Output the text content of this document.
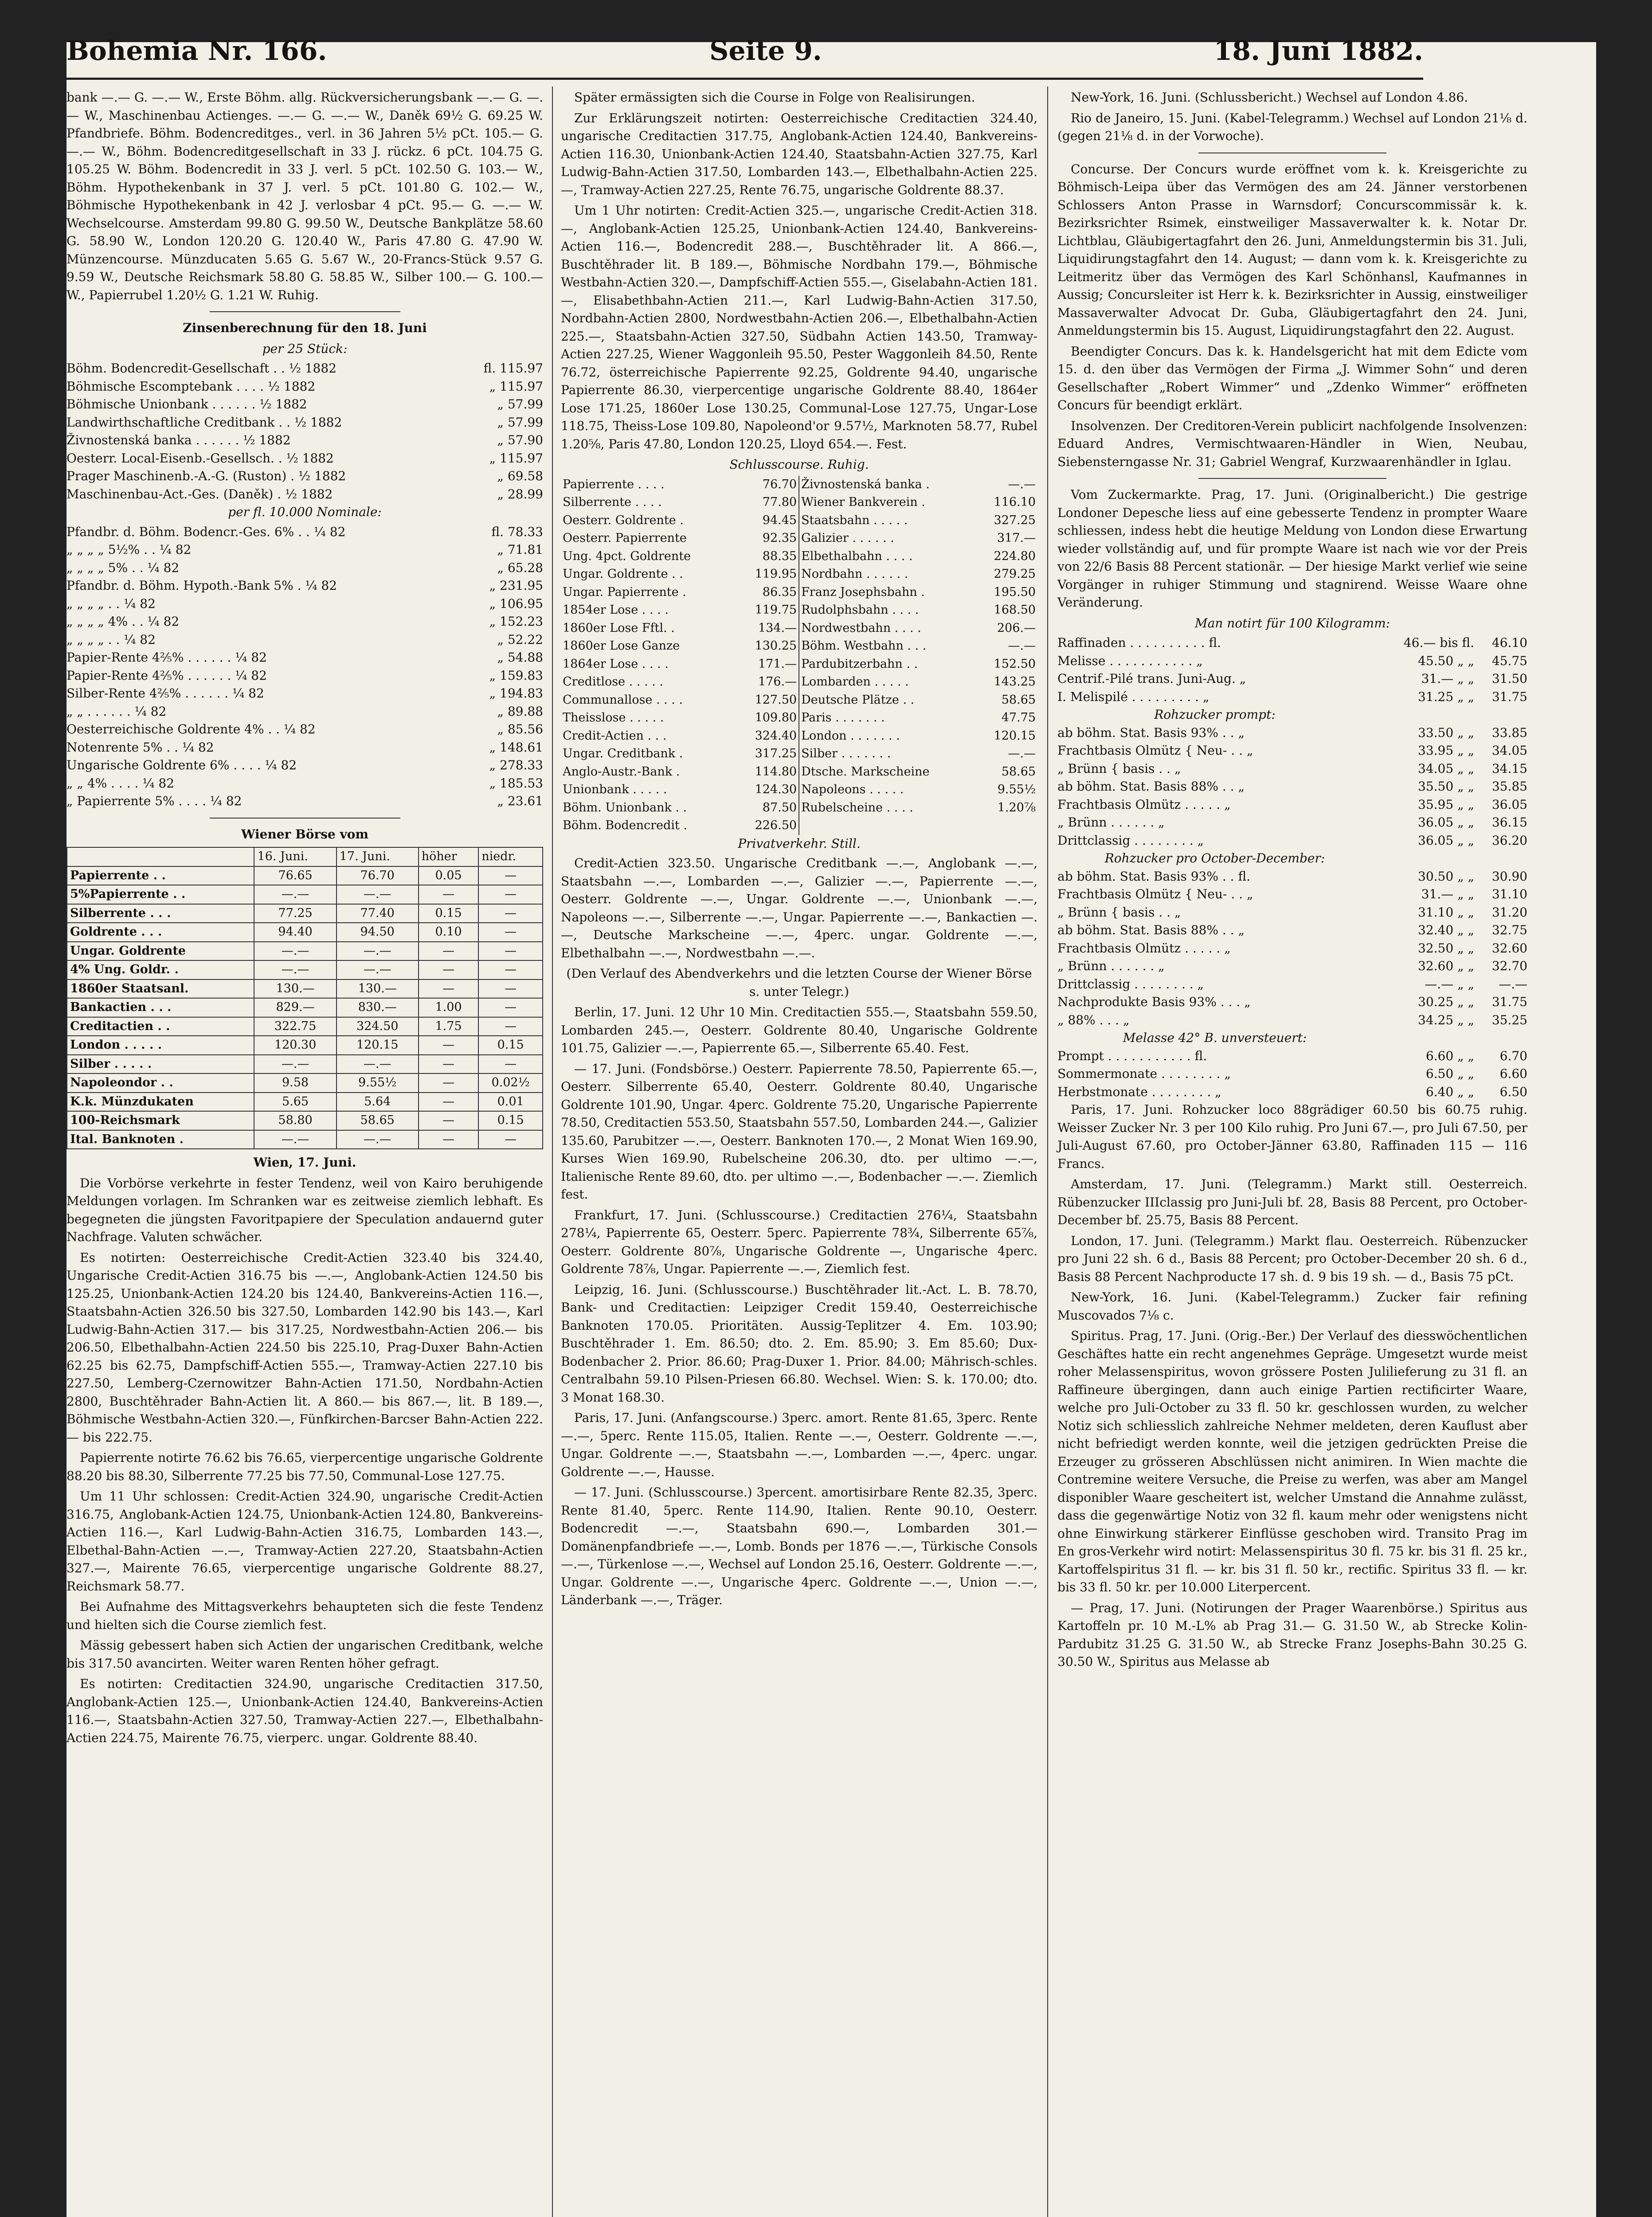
Bohemia Nr. 166.	Seite 9.	18. Juni 1882.

bank —.— G. —.— W., Erste Böhm. allg. Rückversicherungsbank —.— G. —.— W., Maschinenbau Actienges. —.— G. —.— W., Daněk 69½ G. 69.25 W. Pfandbriefe. Böhm. Bodencreditges., verl. in 36 Jahren 5½ pCt. 105.— G. —.— W., Böhm. Bodencreditgesellschaft in 33 J. rückz. 6 pCt. 104.75 G. 105.25 W. Böhm. Bodencredit in 33 J. verl. 5 pCt. 102.50 G. 103.— W., Böhm. Hypothekenbank in 37 J. verl. 5 pCt. 101.80 G. 102.— W., Böhmische Hypothekenbank in 42 J. verlosbar 4 pCt. 95.— G. —.— W. Wechselcourse. Amsterdam 99.80 G. 99.50 W., Deutsche Bankplätze 58.60 G. 58.90 W., London 120.20 G. 120.40 W., Paris 47.80 G. 47.90 W. Münzencourse. Münzducaten 5.65 G. 5.67 W., 20-Francs-Stück 9.57 G. 9.59 W., Deutsche Reichsmark 58.80 G. 58.85 W., Silber 100.— G. 100.— W., Papierrubel 1.20½ G. 1.21 W. Ruhig.

Zinsenberechnung für den 18. Juni
per 25 Stück:
Böhm. Bodencredit-Gesellschaft . . ½ 1882	fl. 115.97
Böhmische Escomptebank . . . . ½ 1882	„ 115.97
Böhmische Unionbank . . . . . . ½ 1882	„ 57.99
Landwirthschaftliche Creditbank . . ½ 1882	„ 57.99
Živnostenská banka . . . . . . ½ 1882	„ 57.90
Oesterr. Local-Eisenb.-Gesellsch. . ½ 1882	„ 115.97
Prager Maschinenb.-A.-G. (Ruston) . ½ 1882	„ 69.58
Maschinenbau-Act.-Ges. (Daněk) . ½ 1882	„ 28.99
per fl. 10.000 Nominale:
Pfandbr. d. Böhm. Bodencr.-Ges. 6% . . ¼ 82	fl. 78.33
„ „ „ „ 5½% . . ¼ 82	„ 71.81
„ „ „ „ 5% . . ¼ 82	„ 65.28
Pfandbr. d. Böhm. Hypoth.-Bank 5% . ¼ 82	„ 231.95
„ „ „ „ . . ¼ 82	„ 106.95
„ „ „ „ 4% . . ¼ 82	„ 152.23
„ „ „ „ . . ¼ 82	„ 52.22
Papier-Rente 4⅖% . . . . . . ¼ 82	„ 54.88
Papier-Rente 4⅖% . . . . . . ¼ 82	„ 159.83
Silber-Rente 4⅖% . . . . . . ¼ 82	„ 194.83
„ „ . . . . . . ¼ 82	„ 89.88
Oesterreichische Goldrente 4% . . ¼ 82	„ 85.56
Notenrente 5% . . ¼ 82	„ 148.61
Ungarische Goldrente 6% . . . . ¼ 82	„ 278.33
„ „ 4% . . . . ¼ 82	„ 185.53
„ Papierrente 5% . . . . ¼ 82	„ 23.61
Wiener Börse vom
	16. Juni.	17. Juni.	höher	niedr.
Papierrente . .	76.65	76.70	0.05	—
5%Papierrente . .	—.—	—.—	—	—
Silberrente . . .	77.25	77.40	0.15	—
Goldrente . . .	94.40	94.50	0.10	—
Ungar. Goldrente	—.—	—.—	—	—
4% Ung. Goldr. .	—.—	—.—	—	—
1860er Staatsanl.	130.—	130.—	—	—
Bankactien . . .	829.—	830.—	1.00	—
Creditactien . .	322.75	324.50	1.75	—
London . . . . .	120.30	120.15	—	0.15
Silber . . . . .	—.—	—.—	—	—
Napoleondor . .	9.58	9.55½	—	0.02½
K.k. Münzdukaten	5.65	5.64	—	0.01
100-Reichsmark	58.80	58.65	—	0.15
Ital. Banknoten .	—.—	—.—	—	—
Wien, 17. Juni.

Die Vorbörse verkehrte in fester Tendenz, weil von Kairo beruhigende Meldungen vorlagen. Im Schranken war es zeitweise ziemlich lebhaft. Es begegneten die jüngsten Favoritpapiere der Speculation andauernd guter Nachfrage. Valuten schwächer.

Es notirten: Oesterreichische Credit-Actien 323.40 bis 324.40, Ungarische Credit-Actien 316.75 bis —.—, Anglobank-Actien 124.50 bis 125.25, Unionbank-Actien 124.20 bis 124.40, Bankvereins-Actien 116.—, Staatsbahn-Actien 326.50 bis 327.50, Lombarden 142.90 bis 143.—, Karl Ludwig-Bahn-Actien 317.— bis 317.25, Nordwestbahn-Actien 206.— bis 206.50, Elbethalbahn-Actien 224.50 bis 225.10, Prag-Duxer Bahn-Actien 62.25 bis 62.75, Dampfschiff-Actien 555.—, Tramway-Actien 227.10 bis 227.50, Lemberg-Czernowitzer Bahn-Actien 171.50, Nordbahn-Actien 2800, Buschtěhrader Bahn-Actien lit. A 860.— bis 867.—, lit. B 189.—, Böhmische Westbahn-Actien 320.—, Fünfkirchen-Barcser Bahn-Actien 222.— bis 222.75.

Papierrente notirte 76.62 bis 76.65, vierpercentige ungarische Goldrente 88.20 bis 88.30, Silberrente 77.25 bis 77.50, Communal-Lose 127.75.

Um 11 Uhr schlossen: Credit-Actien 324.90, ungarische Credit-Actien 316.75, Anglobank-Actien 124.75, Unionbank-Actien 124.80, Bankvereins-Actien 116.—, Karl Ludwig-Bahn-Actien 316.75, Lombarden 143.—, Elbethal-Bahn-Actien —.—, Tramway-Actien 227.20, Staatsbahn-Actien 327.—, Mairente 76.65, vierpercentige ungarische Goldrente 88.27, Reichsmark 58.77.

Bei Aufnahme des Mittagsverkehrs behaupteten sich die feste Tendenz und hielten sich die Course ziemlich fest.

Mässig gebessert haben sich Actien der ungarischen Creditbank, welche bis 317.50 avancirten. Weiter waren Renten höher gefragt.

Es notirten: Creditactien 324.90, ungarische Creditactien 317.50, Anglobank-Actien 125.—, Unionbank-Actien 124.40, Bankvereins-Actien 116.—, Staatsbahn-Actien 327.50, Tramway-Actien 227.—, Elbethalbahn-Actien 224.75, Mairente 76.75, vierperc. ungar. Goldrente 88.40.

Später ermässigten sich die Course in Folge von Realisirungen.

Zur Erklärungszeit notirten: Oesterreichische Creditactien 324.40, ungarische Creditactien 317.75, Anglobank-Actien 124.40, Bankvereins-Actien 116.30, Unionbank-Actien 124.40, Staatsbahn-Actien 327.75, Karl Ludwig-Bahn-Actien 317.50, Lombarden 143.—, Elbethalbahn-Actien 225.—, Tramway-Actien 227.25, Rente 76.75, ungarische Goldrente 88.37.

Um 1 Uhr notirten: Credit-Actien 325.—, ungarische Credit-Actien 318.—, Anglobank-Actien 125.25, Unionbank-Actien 124.40, Bankvereins-Actien 116.—, Bodencredit 288.—, Buschtěhrader lit. A 866.—, Buschtěhrader lit. B 189.—, Böhmische Nordbahn 179.—, Böhmische Westbahn-Actien 320.—, Dampfschiff-Actien 555.—, Giselabahn-Actien 181.—, Elisabethbahn-Actien 211.—, Karl Ludwig-Bahn-Actien 317.50, Nordbahn-Actien 2800, Nordwestbahn-Actien 206.—, Elbethalbahn-Actien 225.—, Staatsbahn-Actien 327.50, Südbahn Actien 143.50, Tramway-Actien 227.25, Wiener Waggonleih 95.50, Pester Waggonleih 84.50, Rente 76.72, österreichische Papierrente 92.25, Goldrente 94.40, ungarische Papierrente 86.30, vierpercentige ungarische Goldrente 88.40, 1864er Lose 171.25, 1860er Lose 130.25, Communal-Lose 127.75, Ungar-Lose 118.75, Theiss-Lose 109.80, Napoleond'or 9.57½, Marknoten 58.77, Rubel 1.20⅝, Paris 47.80, London 120.25, Lloyd 654.—. Fest.

Schlusscourse. Ruhig.
Papierrente . . . .	76.70	Živnostenská banka .	—.—
Silberrente . . . .	77.80	Wiener Bankverein .	116.10
Oesterr. Goldrente .	94.45	Staatsbahn . . . . .	327.25
Oesterr. Papierrente	92.35	Galizier . . . . . .	317.—
Ung. 4pct. Goldrente	88.35	Elbethalbahn . . . .	224.80
Ungar. Goldrente . .	119.95	Nordbahn . . . . . .	279.25
Ungar. Papierrente .	86.35	Franz Josephsbahn .	195.50
1854er Lose . . . .	119.75	Rudolphsbahn . . . .	168.50
1860er Lose Fftl. .	134.—	Nordwestbahn . . . .	206.—
1860er Lose Ganze	130.25	Böhm. Westbahn . . .	—.—
1864er Lose . . . .	171.—	Pardubitzerbahn . .	152.50
Creditlose . . . . .	176.—	Lombarden . . . . .	143.25
Communallose . . . .	127.50	Deutsche Plätze . .	58.65
Theisslose . . . . .	109.80	Paris . . . . . . .	47.75
Credit-Actien . . .	324.40	London . . . . . . .	120.15
Ungar. Creditbank .	317.25	Silber . . . . . . .	—.—
Anglo-Austr.-Bank .	114.80	Dtsche. Markscheine	58.65
Unionbank . . . . .	124.30	Napoleons . . . . .	9.55½
Böhm. Unionbank . .	87.50	Rubelscheine . . . .	1.20⅞
Böhm. Bodencredit .	226.50		
Privatverkehr. Still.

Credit-Actien 323.50. Ungarische Creditbank —.—, Anglobank —.—, Staatsbahn —.—, Lombarden —.—, Galizier —.—, Papierrente —.—, Oesterr. Goldrente —.—, Ungar. Goldrente —.—, Unionbank —.—, Napoleons —.—, Silberrente —.—, Ungar. Papierrente —.—, Bankactien —.—, Deutsche Markscheine —.—, 4perc. ungar. Goldrente —.—, Elbethalbahn —.—, Nordwestbahn —.—.

(Den Verlauf des Abendverkehrs und die letzten Course der Wiener Börse s. unter Telegr.)

Berlin, 17. Juni. 12 Uhr 10 Min. Creditactien 555.—, Staatsbahn 559.50, Lombarden 245.—, Oesterr. Goldrente 80.40, Ungarische Goldrente 101.75, Galizier —.—, Papierrente 65.—, Silberrente 65.40. Fest.

— 17. Juni. (Fondsbörse.) Oesterr. Papierrente 78.50, Papierrente 65.—, Oesterr. Silberrente 65.40, Oesterr. Goldrente 80.40, Ungarische Goldrente 101.90, Ungar. 4perc. Goldrente 75.20, Ungarische Papierrente 78.50, Creditactien 553.50, Staatsbahn 557.50, Lombarden 244.—, Galizier 135.60, Parubitzer —.—, Oesterr. Banknoten 170.—, 2 Monat Wien 169.90, Kurses Wien 169.90, Rubelscheine 206.30, dto. per ultimo —.—, Italienische Rente 89.60, dto. per ultimo —.—, Bodenbacher —.—. Ziemlich fest.

Frankfurt, 17. Juni. (Schlusscourse.) Creditactien 276¼, Staatsbahn 278¼, Papierrente 65, Oesterr. 5perc. Papierrente 78¾, Silberrente 65⅞, Oesterr. Goldrente 80⅞, Ungarische Goldrente —, Ungarische 4perc. Goldrente 78⅞, Ungar. Papierrente —.—, Ziemlich fest.

Leipzig, 16. Juni. (Schlusscourse.) Buschtěhrader lit.-Act. L. B. 78.70, Bank- und Creditactien: Leipziger Credit 159.40, Oesterreichische Banknoten 170.05. Prioritäten. Aussig-Teplitzer 4. Em. 103.90; Buschtěhrader 1. Em. 86.50; dto. 2. Em. 85.90; 3. Em 85.60; Dux-Bodenbacher 2. Prior. 86.60; Prag-Duxer 1. Prior. 84.00; Mährisch-schles. Centralbahn 59.10 Pilsen-Priesen 66.80. Wechsel. Wien: S. k. 170.00; dto. 3 Monat 168.30.

Paris, 17. Juni. (Anfangscourse.) 3perc. amort. Rente 81.65, 3perc. Rente —.—, 5perc. Rente 115.05, Italien. Rente —.—, Oesterr. Goldrente —.—, Ungar. Goldrente —.—, Staatsbahn —.—, Lombarden —.—, 4perc. ungar. Goldrente —.—, Hausse.

— 17. Juni. (Schlusscourse.) 3percent. amortisirbare Rente 82.35, 3perc. Rente 81.40, 5perc. Rente 114.90, Italien. Rente 90.10, Oesterr. Bodencredit —.—, Staatsbahn 690.—, Lombarden 301.— Domänenpfandbriefe —.—, Lomb. Bonds per 1876 —.—, Türkische Consols —.—, Türkenlose —.—, Wechsel auf London 25.16, Oesterr. Goldrente —.—, Ungar. Goldrente —.—, Ungarische 4perc. Goldrente —.—, Union —.—, Länderbank —.—, Träger.

New-York, 16. Juni. (Schlussbericht.) Wechsel auf London 4.86.

Rio de Janeiro, 15. Juni. (Kabel-Telegramm.) Wechsel auf London 21⅛ d. (gegen 21⅛ d. in der Vorwoche).

Concurse. Der Concurs wurde eröffnet vom k. k. Kreisgerichte zu Böhmisch-Leipa über das Vermögen des am 24. Jänner verstorbenen Schlossers Anton Prasse in Warnsdorf; Concurscommissär k. k. Bezirksrichter Rsimek, einstweiliger Massaverwalter k. k. Notar Dr. Lichtblau, Gläubigertagfahrt den 26. Juni, Anmeldungstermin bis 31. Juli, Liquidirungstagfahrt den 14. August; — dann vom k. k. Kreisgerichte zu Leitmeritz über das Vermögen des Karl Schönhansl, Kaufmannes in Aussig; Concursleiter ist Herr k. k. Bezirksrichter in Aussig, einstweiliger Massaverwalter Advocat Dr. Guba, Gläubigertagfahrt den 24. Juni, Anmeldungstermin bis 15. August, Liquidirungstagfahrt den 22. August.

Beendigter Concurs. Das k. k. Handelsgericht hat mit dem Edicte vom 15. d. den über das Vermögen der Firma „J. Wimmer Sohn“ und deren Gesellschafter „Robert Wimmer“ und „Zdenko Wimmer“ eröffneten Concurs für beendigt erklärt.

Insolvenzen. Der Creditoren-Verein publicirt nachfolgende Insolvenzen: Eduard Andres, Vermischtwaaren-Händler in Wien, Neubau, Siebensterngasse Nr. 31; Gabriel Wengraf, Kurzwaarenhändler in Iglau.

Vom Zuckermarkte. Prag, 17. Juni. (Originalbericht.) Die gestrige Londoner Depesche liess auf eine gebesserte Tendenz in prompter Waare schliessen, indess hebt die heutige Meldung von London diese Erwartung wieder vollständig auf, und für prompte Waare ist nach wie vor der Preis von 22/6 Basis 88 Percent stationär. — Der hiesige Markt verlief wie seine Vorgänger in ruhiger Stimmung und stagnirend. Weisse Waare ohne Veränderung.

Man notirt für 100 Kilogramm:
Raffinaden . . . . . . . . . . fl.	46.— bis fl.	46.10
Melisse . . . . . . . . . . . „	45.50 „ „	45.75
Centrif.-Pilé trans. Juni-Aug. „	31.— „ „	31.50
I. Melispilé . . . . . . . . . „	31.25 „ „	31.75
Rohzucker prompt:
ab böhm. Stat. Basis 93% . . „	33.50 „ „	33.85
Frachtbasis Olmütz { Neu- . . „	33.95 „ „	34.05
„ Brünn { basis . . „	34.05 „ „	34.15
ab böhm. Stat. Basis 88% . . „	35.50 „ „	35.85
Frachtbasis Olmütz . . . . . „	35.95 „ „	36.05
„ Brünn . . . . . . „	36.05 „ „	36.15
Drittclassig . . . . . . . . „	36.05 „ „	36.20
Rohzucker pro October-December:
ab böhm. Stat. Basis 93% . . fl.	30.50 „ „	30.90
Frachtbasis Olmütz { Neu- . . „	31.— „ „	31.10
„ Brünn { basis . . „	31.10 „ „	31.20
ab böhm. Stat. Basis 88% . . „	32.40 „ „	32.75
Frachtbasis Olmütz . . . . . „	32.50 „ „	32.60
„ Brünn . . . . . . „	32.60 „ „	32.70
Drittclassig . . . . . . . . „	—.— „ „	—.—
Nachprodukte Basis 93% . . . „	30.25 „ „	31.75
„ 88% . . . „	34.25 „ „	35.25
Melasse 42° B. unversteuert:
Prompt . . . . . . . . . . . fl.	6.60 „ „	6.70
Sommermonate . . . . . . . . „	6.50 „ „	6.60
Herbstmonate . . . . . . . . „	6.40 „ „	6.50

Paris, 17. Juni. Rohzucker loco 88grädiger 60.50 bis 60.75 ruhig. Weisser Zucker Nr. 3 per 100 Kilo ruhig. Pro Juni 67.—, pro Juli 67.50, per Juli-August 67.60, pro October-Jänner 63.80, Raffinaden 115 — 116 Francs.

Amsterdam, 17. Juni. (Telegramm.) Markt still. Oesterreich. Rübenzucker IIIclassig pro Juni-Juli bf. 28, Basis 88 Percent, pro October-December bf. 25.75, Basis 88 Percent.

London, 17. Juni. (Telegramm.) Markt flau. Oesterreich. Rübenzucker pro Juni 22 sh. 6 d., Basis 88 Percent; pro October-December 20 sh. 6 d., Basis 88 Percent Nachproducte 17 sh. d. 9 bis 19 sh. — d., Basis 75 pCt.

New-York, 16. Juni. (Kabel-Telegramm.) Zucker fair refining Muscovados 7⅛ c.

Spiritus. Prag, 17. Juni. (Orig.-Ber.) Der Verlauf des diesswöchentlichen Geschäftes hatte ein recht angenehmes Gepräge. Umgesetzt wurde meist roher Melassenspiritus, wovon grössere Posten Julilieferung zu 31 fl. an Raffineure übergingen, dann auch einige Partien rectificirter Waare, welche pro Juli-October zu 33 fl. 50 kr. geschlossen wurden, zu welcher Notiz sich schliesslich zahlreiche Nehmer meldeten, deren Kauflust aber nicht befriedigt werden konnte, weil die jetzigen gedrückten Preise die Erzeuger zu grösseren Abschlüssen nicht animiren. In Wien machte die Contremine weitere Versuche, die Preise zu werfen, was aber am Mangel disponibler Waare gescheitert ist, welcher Umstand die Annahme zulässt, dass die gegenwärtige Notiz von 32 fl. kaum mehr oder wenigstens nicht ohne Einwirkung stärkerer Einflüsse geschoben wird. Transito Prag im En gros-Verkehr wird notirt: Melassenspiritus 30 fl. 75 kr. bis 31 fl. 25 kr., Kartoffelspiritus 31 fl. — kr. bis 31 fl. 50 kr., rectific. Spiritus 33 fl. — kr. bis 33 fl. 50 kr. per 10.000 Literpercent.

— Prag, 17. Juni. (Notirungen der Prager Waarenbörse.) Spiritus aus Kartoffeln pr. 10 M.-L% ab Prag 31.— G. 31.50 W., ab Strecke Kolin-Pardubitz 31.25 G. 31.50 W., ab Strecke Franz Josephs-Bahn 30.25 G. 30.50 W., Spiritus aus Melasse ab
